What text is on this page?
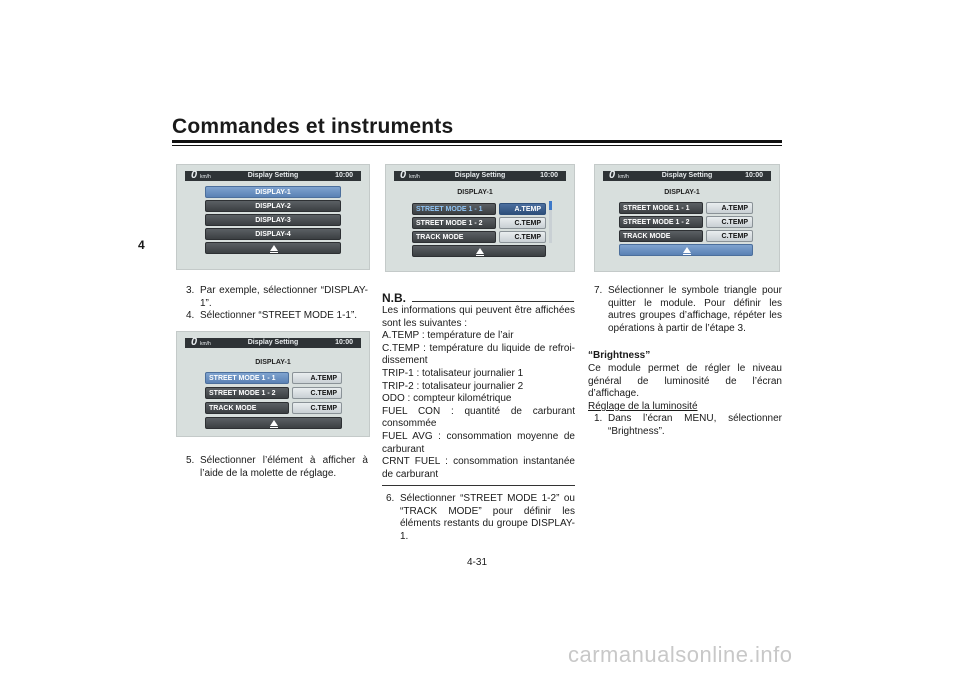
Commandes et instruments
4
0 km/h	Display Setting	10:00
DISPLAY-1
DISPLAY-2
DISPLAY-3
DISPLAY-4
0 km/h	Display Setting	10:00
DISPLAY-1
STREET MODE 1 - 1	A.TEMP
STREET MODE 1 - 2	C.TEMP
TRACK MODE	C.TEMP
0 km/h	Display Setting	10:00
DISPLAY-1
STREET MODE 1 - 1	A.TEMP
STREET MODE 1 - 2	C.TEMP
TRACK MODE	C.TEMP
0 km/h	Display Setting	10:00
DISPLAY-1
STREET MODE 1 - 1	A.TEMP
STREET MODE 1 - 2	C.TEMP
TRACK MODE	C.TEMP
3. Par exemple, sélectionner “DISPLAY-1”.
4. Sélectionner “STREET MODE 1-1”.
5. Sélectionner l’élément à afficher à l’aide de la molette de réglage.
N.B.
Les informations qui peuvent être affichées
sont les suivantes :
A.TEMP : température de l’air
C.TEMP : température du liquide de refroi-
dissement
TRIP-1 : totalisateur journalier 1
TRIP-2 : totalisateur journalier 2
ODO : compteur kilométrique
FUEL CON : quantité de carburant
consommée
FUEL AVG : consommation moyenne de
carburant
CRNT FUEL : consommation instantanée
de carburant
6. Sélectionner “STREET MODE 1-2” ou “TRACK MODE” pour définir les éléments restants du groupe DISPLAY-1.
7. Sélectionner le symbole triangle pour quitter le module. Pour définir les autres groupes d’affichage, répéter les opérations à partir de l’étape 3.
“Brightness”
Ce module permet de régler le niveau général de luminosité de l’écran d’affichage.
Réglage de la luminosité
1. Dans l’écran MENU, sélectionner “Brightness”.
4-31
carmanualsonline.info
